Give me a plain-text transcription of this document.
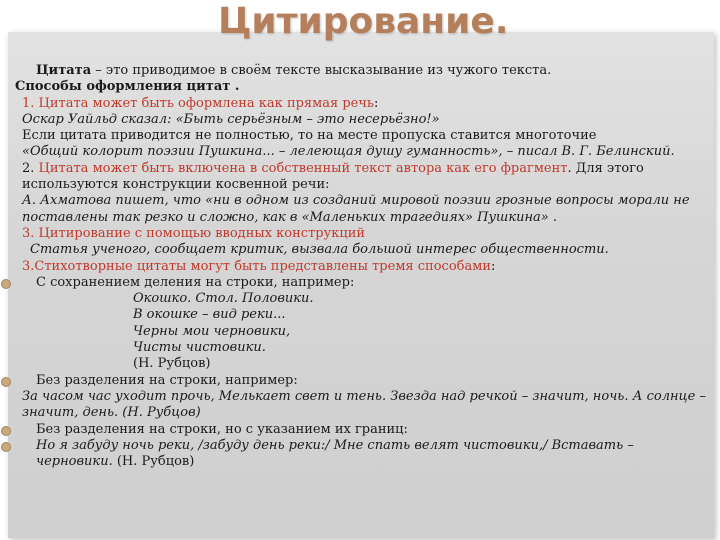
Цитирование.

Цитата – это приводимое в своём тексте высказывание из чужого текста.

Способы оформления цитат .

1. Цитата может быть оформлена как прямая речь:

Оскар Уайльд сказал: «Быть серьёзным – это несерьёзно!»

Если цитата приводится не полностью, то на месте пропуска ставится многоточие

«Общий колорит поэзии Пушкина... – лелеющая душу гуманность», – писал В. Г. Белинский.

2. Цитата может быть включена в собственный текст автора как его фрагмент. Для этого используются конструкции косвенной речи:

А. Ахматова пишет, что «ни в одном из созданий мировой поэзии грозные вопросы морали не поставлены так резко и сложно, как в «Маленьких трагедиях» Пушкина» .

3. Цитирование с помощью вводных конструкций

Статья ученого, сообщает критик, вызвала большой интерес общественности.

3.Стихотворные цитаты могут быть представлены тремя способами:

С сохранением деления на строки, например:

Окошко. Стол. Половики.

В окошке – вид реки...

Черны мои черновики,

Чисты чистовики.

(Н. Рубцов)

Без разделения на строки, например:

За часом час уходит прочь, Мелькает свет и тень. Звезда над речкой – значит, ночь. А солнце – значит, день. (Н. Рубцов)

Без разделения на строки, но с указанием их границ:

Но я забуду ночь реки, /забуду день реки:/ Мне спать велят чистовики,/ Вставать – черновики. (Н. Рубцов)
